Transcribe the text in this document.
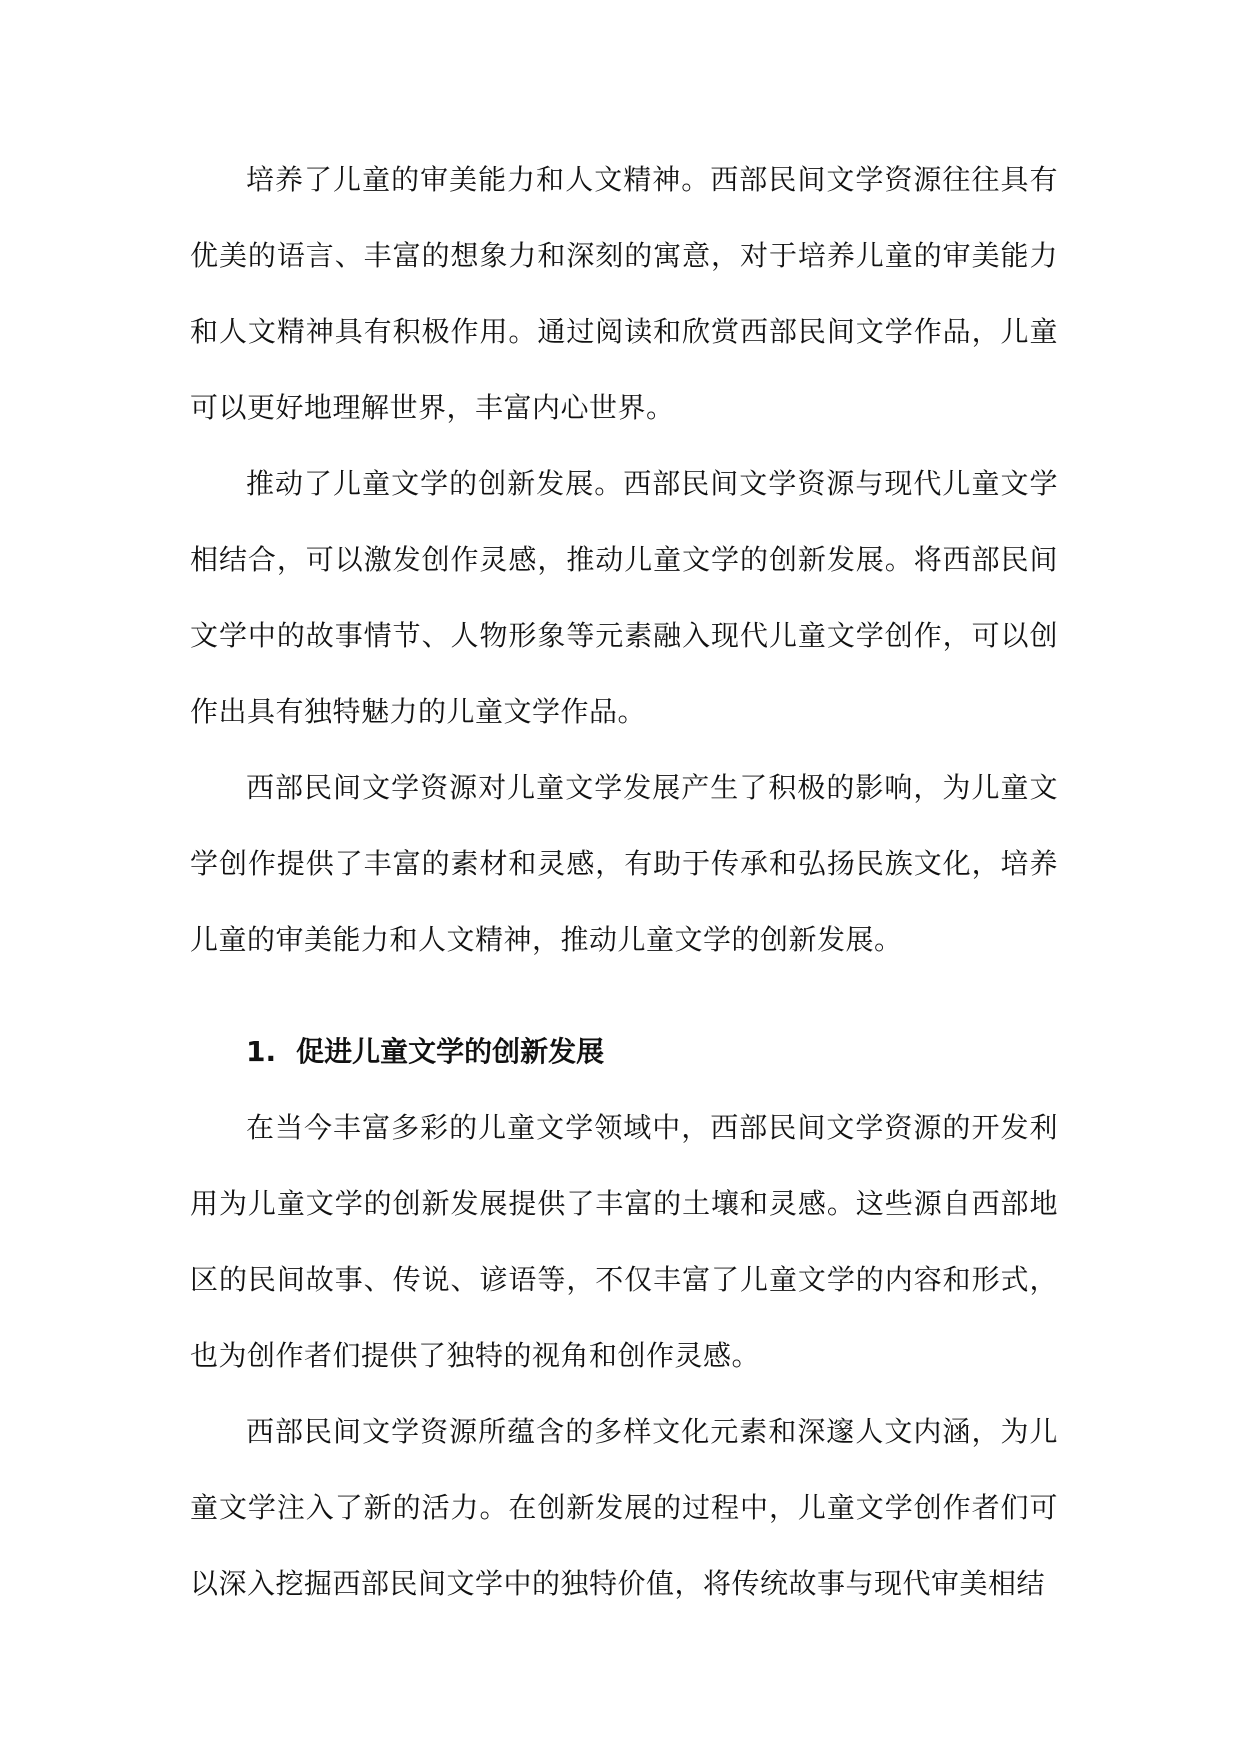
培养了儿童的审美能力和人文精神。西部民间文学资源往往具有优美的语言、丰富的想象力和深刻的寓意，对于培养儿童的审美能力和人文精神具有积极作用。通过阅读和欣赏西部民间文学作品，儿童可以更好地理解世界，丰富内心世界。

推动了儿童文学的创新发展。西部民间文学资源与现代儿童文学相结合，可以激发创作灵感，推动儿童文学的创新发展。将西部民间文学中的故事情节、人物形象等元素融入现代儿童文学创作，可以创作出具有独特魅力的儿童文学作品。

西部民间文学资源对儿童文学发展产生了积极的影响，为儿童文学创作提供了丰富的素材和灵感，有助于传承和弘扬民族文化，培养儿童的审美能力和人文精神，推动儿童文学的创新发展。

1. 促进儿童文学的创新发展

在当今丰富多彩的儿童文学领域中，西部民间文学资源的开发利用为儿童文学的创新发展提供了丰富的土壤和灵感。这些源自西部地区的民间故事、传说、谚语等，不仅丰富了儿童文学的内容和形式，也为创作者们提供了独特的视角和创作灵感。

西部民间文学资源所蕴含的多样文化元素和深邃人文内涵，为儿童文学注入了新的活力。在创新发展的过程中，儿童文学创作者们可以深入挖掘西部民间文学中的独特价值，将传统故事与现代审美相结
